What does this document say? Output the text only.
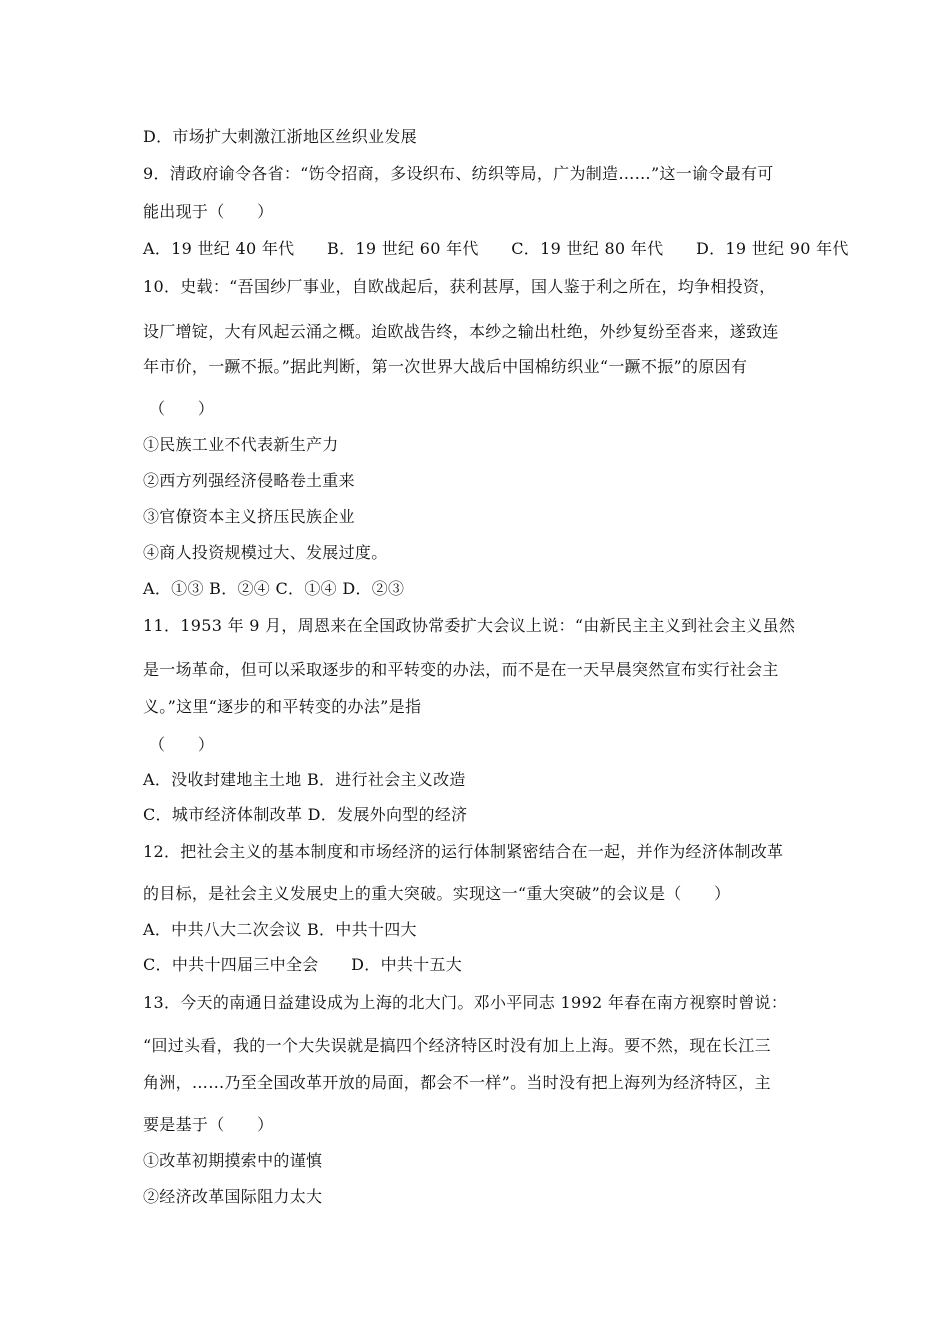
D．市场扩大刺激江浙地区丝织业发展
9．清政府谕令各省：“饬令招商，多设织布、纺织等局，广为制造……”这一谕令最有可
能出现于（　　）
A．19 世纪 40 年代　　B．19 世纪 60 年代　　C．19 世纪 80 年代　　D．19 世纪 90 年代
10．史载：“吾国纱厂事业，自欧战起后，获利甚厚，国人鉴于利之所在，均争相投资，
设厂增锭，大有风起云涌之概。迨欧战告终，本纱之输出杜绝，外纱复纷至沓来，遂致连
年市价，一蹶不振。”据此判断，第一次世界大战后中国棉纺织业“一蹶不振”的原因有
（　　）
①民族工业不代表新生产力
②西方列强经济侵略卷土重来
③官僚资本主义挤压民族企业
④商人投资规模过大、发展过度。
A．①③ B．②④ C．①④ D．②③
11．1953 年 9 月，周恩来在全国政协常委扩大会议上说：“由新民主主义到社会主义虽然
是一场革命，但可以采取逐步的和平转变的办法，而不是在一天早晨突然宣布实行社会主
义。”这里“逐步的和平转变的办法”是指
（　　）
A．没收封建地主土地 B．进行社会主义改造
C．城市经济体制改革 D．发展外向型的经济
12．把社会主义的基本制度和市场经济的运行体制紧密结合在一起，并作为经济体制改革
的目标，是社会主义发展史上的重大突破。实现这一“重大突破”的会议是（　　）
A．中共八大二次会议 B．中共十四大
C．中共十四届三中全会　　D．中共十五大
13．今天的南通日益建设成为上海的北大门。邓小平同志 1992 年春在南方视察时曾说：
“回过头看，我的一个大失误就是搞四个经济特区时没有加上上海。要不然，现在长江三
角洲，……乃至全国改革开放的局面，都会不一样”。当时没有把上海列为经济特区，主
要是基于（　　）
①改革初期摸索中的谨慎
②经济改革国际阻力太大
